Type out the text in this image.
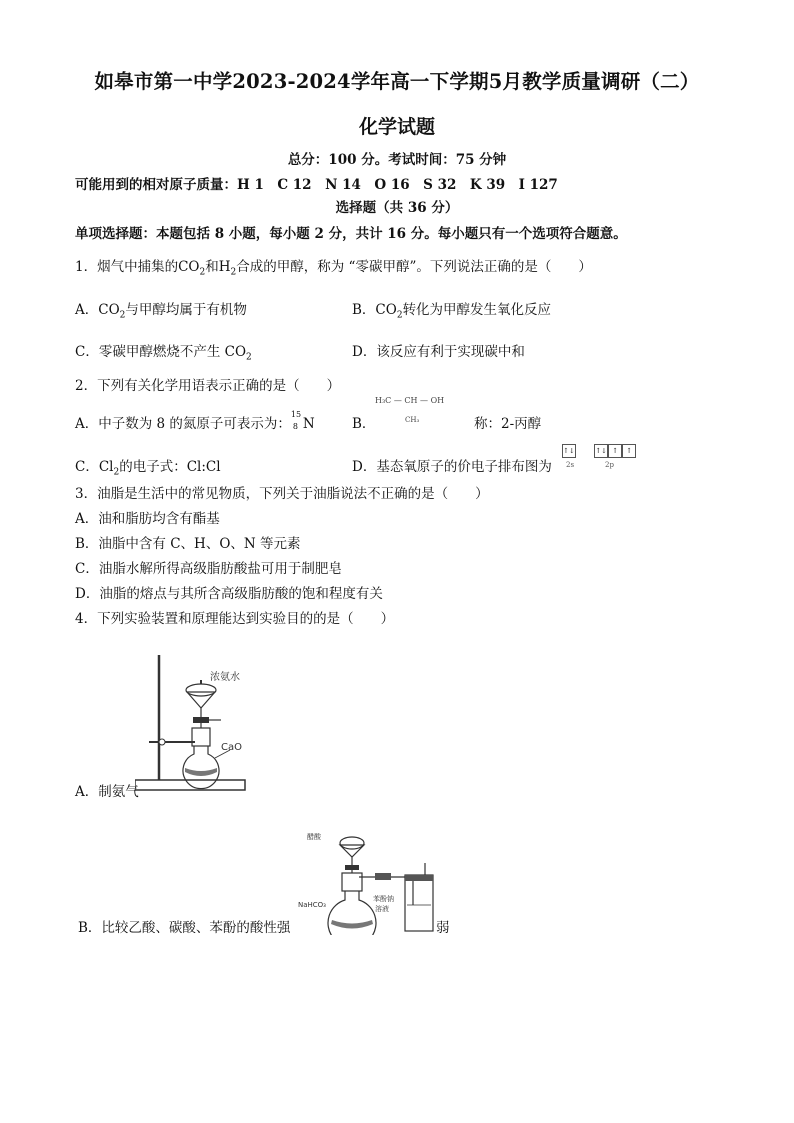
如皋市第一中学2023-2024学年高一下学期5月教学质量调研（二）
化学试题
总分：100 分。考试时间：75 分钟
可能用到的相对原子质量：H 1　C 12　N 14　O 16　S 32　K 39　I 127
选择题（共 36 分）
单项选择题：本题包括 8 小题，每小题 2 分，共计 16 分。每小题只有一个选项符合题意。
1．烟气中捕集的$CO_2$和$H_2$合成的甲醇，称为 “零碳甲醇”。下列说法正确的是（　　）
A．$CO_2$与甲醇均属于有机物	B．$CO_2$转化为甲醇发生氧化反应
C．零碳甲醇燃烧不产生 $CO_2$	D．该反应有利于实现碳中和
2．下列有关化学用语表示正确的是（　　）
A．中子数为 8 的氮原子可表示为：
15
8 N	B．	称：2-丙醇
H₃C — CH — OH
CH₃
C．$Cl_2$的电子式：Cl:Cl	D．基态氧原子的价电子排布图为
↑↓	↑↓ ↑ ↑
2s	2p
3．油脂是生活中的常见物质，下列关于油脂说法不正确的是（　　）
A．油和脂肪均含有酯基
B．油脂中含有 C、H、O、N 等元素
C．油脂水解所得高级脂肪酸盐可用于制肥皂
D．油脂的熔点与其所含高级脂肪酸的饱和程度有关
4．下列实验装置和原理能达到实验目的的是（　　）
浓氨水
CaO
A．制氨气
醋酸
NaHCO₃
苯酚钠
溶液
B．比较乙酸、碳酸、苯酚的酸性强	弱
